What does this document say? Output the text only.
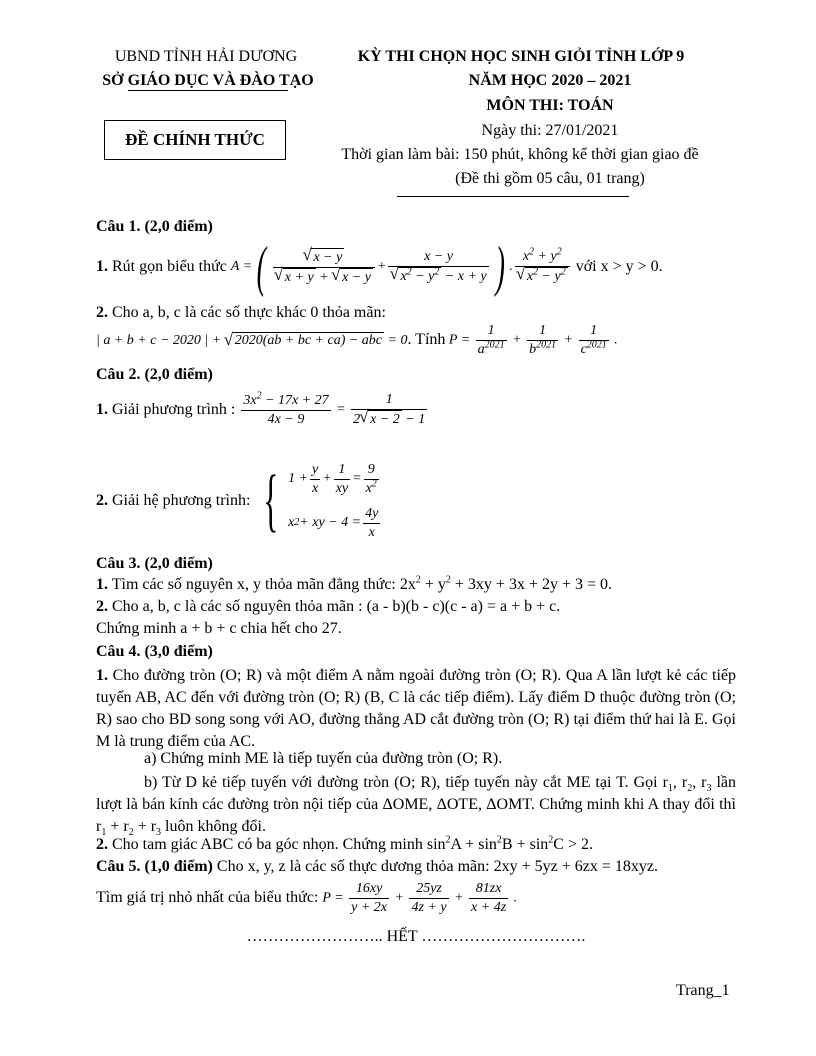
UBND TỈNH HẢI DƯƠNG
SỞ GIÁO DỤC VÀ ĐÀO TẠO
KỲ THI CHỌN HỌC SINH GIỎI TỈNH LỚP 9
NĂM HỌC 2020 – 2021
MÔN THI: TOÁN
ĐỀ CHÍNH THỨC	Ngày thi: 27/01/2021
Thời gian làm bài: 150 phút, không kể thời gian giao đề
(Đề thi gồm 05 câu, 01 trang)
Câu 1. (2,0 điểm)
1.
Rút gọn biểu thức
A = ( √ x − y
√ x + y + √ x − y + x − y
√ $x^2 - y^2 - x + y$ ) . $x^2 + y^2$
√ $x^2 - y^2$
với x > y > 0.
2. Cho a, b, c là các số thực khác 0 thỏa mãn:
| a + b + c − 2020 | + √ 2020(ab + bc + ca) − abc = 0 . Tính
$P = \frac{1}{a^{2021}} + \frac{1}{b^{2021}} + \frac{1}{c^{2021}}$ .
Câu 2. (2,0 điểm)
1.
Giải phương trình :
$\frac{3x^2 - 17x + 27}{4x - 9} = \frac{1}{2 √ x - 2 - 1}$
2.
Giải hệ phương trình:
{ $1 + \frac{y}{x} + \frac{1}{xy} = \frac{9}{x^2}$
x 2 + xy − $4 = \frac{4y}{x}$
Câu 3. (2,0 điểm)
1. Tìm các số nguyên x, y thỏa mãn đẳng thức: $2x^2 + y^2 + 3xy + 3x + 2y + 3 = 0$.
2. Cho a, b, c là các số nguyên thỏa mãn : (a - b)(b - c)(c - a) = a + b + c.
Chứng minh a + b + c chia hết cho 27.
Câu 4. (3,0 điểm)
1. Cho đường tròn (O; R) và một điểm A nằm ngoài đường tròn (O; R). Qua A lần lượt kẻ các tiếp tuyến AB, AC đến với đường tròn (O; R) (B, C là các tiếp điểm). Lấy điểm D thuộc đường tròn (O; R) sao cho BD song song với AO, đường thẳng AD cắt đường tròn (O; R) tại điểm thứ hai là E. Gọi M là trung điểm của AC.
a) Chứng minh ME là tiếp tuyến của đường tròn (O; R).
b) Từ D kẻ tiếp tuyến với đường tròn (O; R), tiếp tuyến này cắt ME tại T. Gọi $r_1$, $r_2$, $r_3$ lần lượt là bán kính các đường tròn nội tiếp của ΔOME, ΔOTE, ΔOMT. Chứng minh khi A thay đổi thì $r_1 + r_2 + r_3$ luôn không đổi.
2. Cho tam giác ABC có ba góc nhọn. Chứng minh $\sin^2A + \sin^2B + \sin^2C > 2$.
Câu 5. (1,0 điểm) Cho x, y, z là các số thực dương thỏa mãn: 2xy + 5yz + 6zx = 18xyz.
Tìm giá trị nhỏ nhất của biểu thức:
$P = \frac{16xy}{y + 2x} + \frac{25yz}{4z + y} + \frac{81zx}{x + 4z}$ .
…………………….. HẾT ………………………….
Trang_1
